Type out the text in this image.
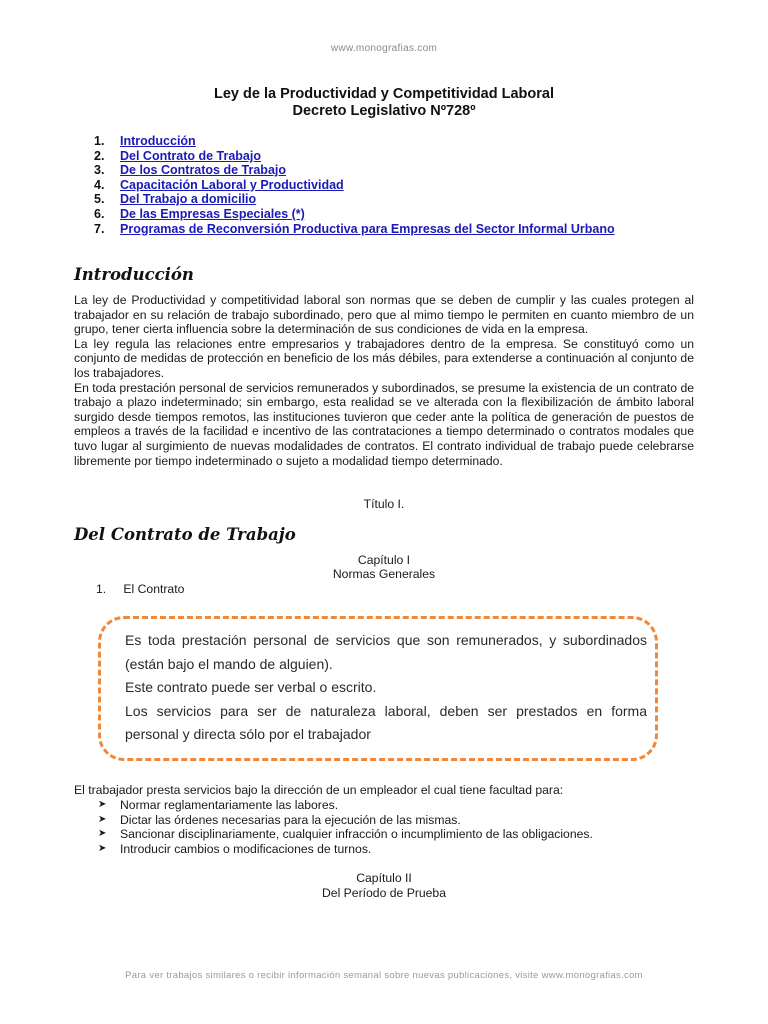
www.monografias.com
Ley de la Productividad y Competitividad Laboral
Decreto Legislativo Nº728º
1.	Introducción
2.	Del Contrato de Trabajo
3.	De los Contratos de Trabajo
4.	Capacitación Laboral y Productividad
5.	Del Trabajo a domicilio
6.	De las Empresas Especiales (*)
7.	Programas de Reconversión Productiva para Empresas del Sector Informal Urbano
Introducción

La ley de Productividad y competitividad laboral son normas que se deben de cumplir y las cuales protegen al trabajador en su relación de trabajo subordinado, pero que al mimo tiempo le permiten en cuanto miembro de un grupo, tener cierta influencia sobre la determinación de sus condiciones de vida en la empresa.

La ley regula las relaciones entre empresarios y trabajadores dentro de la empresa. Se constituyó como un conjunto de medidas de protección en beneficio de los más débiles, para extenderse a continuación al conjunto de los trabajadores.

En toda prestación personal de servicios remunerados y subordinados, se presume la existencia de un contrato de trabajo a plazo indeterminado; sin embargo, esta realidad se ve alterada con la flexibilización de ámbito laboral surgido desde tiempos remotos, las instituciones tuvieron que ceder ante la política de generación de puestos de empleos a través de la facilidad e incentivo de las contrataciones a tiempo determinado o contratos modales que tuvo lugar al surgimiento de nuevas modalidades de contratos. El contrato individual de trabajo puede celebrarse libremente por tiempo indeterminado o sujeto a modalidad tiempo determinado.

Título I.
Del Contrato de Trabajo
Capítulo I
Normas Generales
1. El Contrato

Es toda prestación personal de servicios que son remunerados, y subordinados (están bajo el mando de alguien).

Este contrato puede ser verbal o escrito.

Los servicios para ser de naturaleza laboral, deben ser prestados en forma personal y directa sólo por el trabajador

El trabajador presta servicios bajo la dirección de un empleador el cual tiene facultad para:
➤	Normar reglamentariamente las labores.
➤	Dictar las órdenes necesarias para la ejecución de las mismas.
➤	Sancionar disciplinariamente, cualquier infracción o incumplimiento de las obligaciones.
➤	Introducir cambios o modificaciones de turnos.
Capítulo II
Del Período de Prueba
Para ver trabajos similares o recibir información semanal sobre nuevas publicaciones, visite www.monografias.com
